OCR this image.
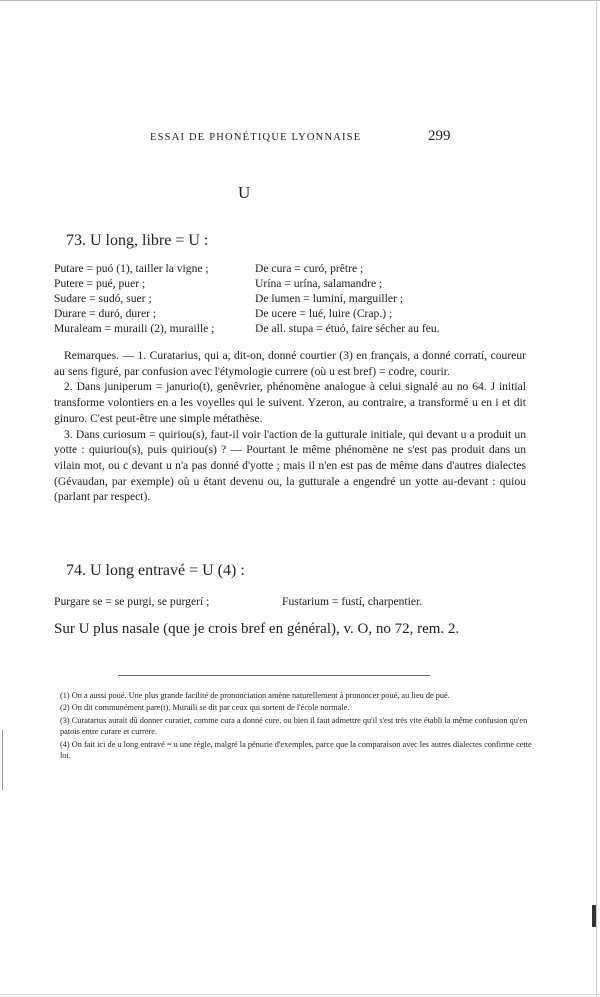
ESSAI DE PHONÉTIQUE LYONNAISE	299
U
73. U long, libre = U :
Putare = puó (1), tailler la vigne ;
Putere = pué, puer ;
Sudare = sudó, suer ;
Durare = duró, durer ;
Muraleam = muraili (2), muraille ;
De cura = curó, prêtre ;
Urína = urína, salamandre ;
De lumen = luminí, marguiller ;
De ucere = lué, luire (Crap.) ;
De all. stupa = étuó, faire sécher au feu.

Remarques. — 1. Curatarius, qui a, dit-on, donné courtier (3) en français, a donné corratí, coureur au sens figuré, par confusion avec l'étymologie currere (où u est bref) = codre, courir.

2. Dans juniperum = janurio(t), genêvrier, phénomène analogue à celui signalé au no 64. J initial transforme volontiers en a les voyelles qui le suivent. Yzeron, au contraire, a transformé u en i et dit ginuro. C'est peut-être une simple métathèse.

3. Dans curiosum = quiriou(s), faut-il voir l'action de la gutturale initiale, qui devant u a produit un yotte : quiuriou(s), puis quiriou(s) ? — Pourtant le même phénomène ne s'est pas produit dans un vilain mot, ou c devant u n'a pas donné d'yotte ; mais il n'en est pas de même dans d'autres dialectes (Gévaudan, par exemple) où u étant devenu ou, la gutturale a engendré un yotte au-devant : quiou (parlant par respect).

74. U long entravé = U (4) :
Purgare se = se purgi, se purgerí ;	Fustarium = fustí, charpentier.
Sur U plus nasale (que je crois bref en général), v. O, no 72, rem. 2.
(1) On a aussi poué. Une plus grande facilité de prononciation amène naturellement à prononcer poué, au lieu de pué.
(2) On dit communément pare(t). Muraili se dit par ceux qui sortent de l'école normale.
(3) Curatarius aurait dû donner curatier, comme cura a donné cure, ou bien il faut admettre qu'il s'est très vite établi la même confusion qu'en patois entre curare et currere.
(4) On fait ici de u long entravé = u une règle, malgré la pénurie d'exemples, parce que la comparaison avec les autres dialectes confirme cette loi.
